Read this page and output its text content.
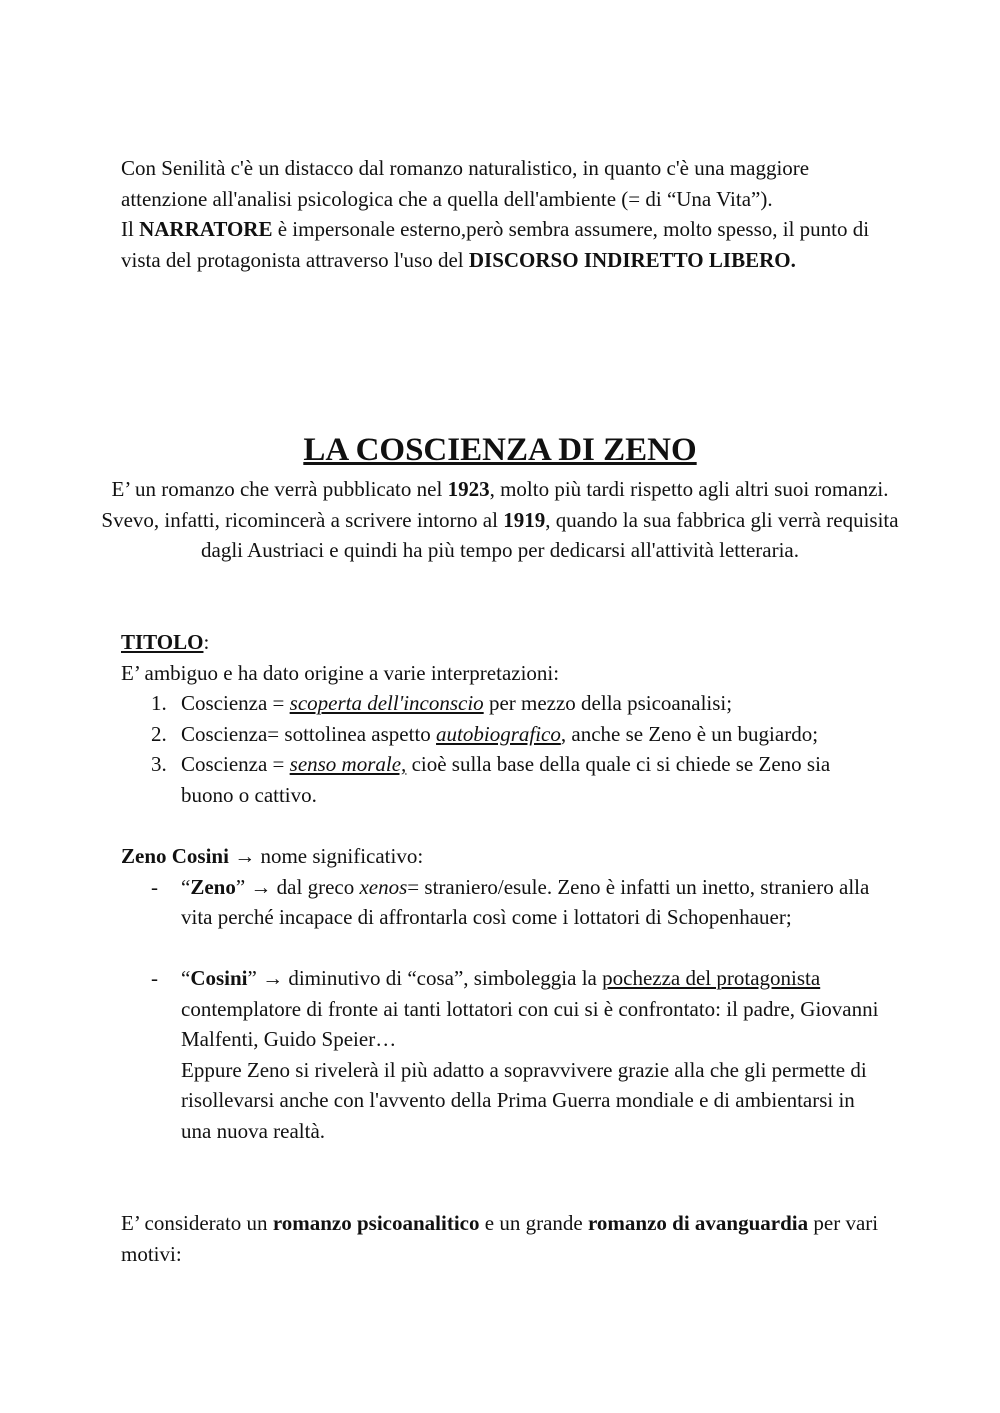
Con Senilità c'è un distacco dal romanzo naturalistico, in quanto c'è una maggiore attenzione all'analisi psicologica che a quella dell'ambiente (= di “Una Vita”).

Il NARRATORE è impersonale esterno,però sembra assumere, molto spesso, il punto di vista del protagonista attraverso l'uso del DISCORSO INDIRETTO LIBERO.

LA COSCIENZA DI ZENO

E’ un romanzo che verrà pubblicato nel 1923, molto più tardi rispetto agli altri suoi romanzi. Svevo, infatti, ricomincerà a scrivere intorno al 1919, quando la sua fabbrica gli verrà requisita dagli Austriaci e quindi ha più tempo per dedicarsi all'attività letteraria.

TITOLO:

E’ ambiguo e ha dato origine a varie interpretazioni:

1. Coscienza = scoperta dell'inconscio per mezzo della psicoanalisi;
2. Coscienza= sottolinea aspetto autobiografico, anche se Zeno è un bugiardo;
3. Coscienza = senso morale, cioè sulla base della quale ci si chiede se Zeno sia buono o cattivo.

Zeno Cosini → nome significativo:

- “Zeno” → dal greco xenos= straniero/esule. Zeno è infatti un inetto, straniero alla vita perché incapace di affrontarla così come i lottatori di Schopenhauer;
- “Cosini” → diminutivo di “cosa”, simboleggia la pochezza del protagonista contemplatore di fronte ai tanti lottatori con cui si è confrontato: il padre, Giovanni Malfenti, Guido Speier…
Eppure Zeno si rivelerà il più adatto a sopravvivere grazie alla che gli permette di risollevarsi anche con l'avvento della Prima Guerra mondiale e di ambientarsi in una nuova realtà.

E’ considerato un romanzo psicoanalitico e un grande romanzo di avanguardia per vari motivi:
